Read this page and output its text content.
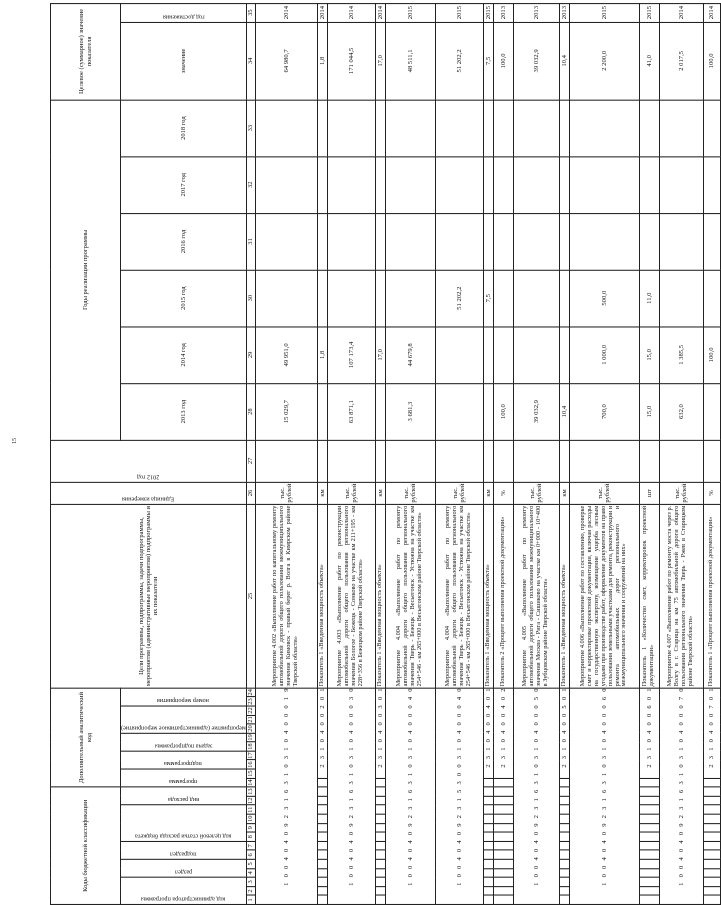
15
Коды бюджетной классификации													Дополнительный аналитический код											Цели программы, подпрограммы, задачи подпрограммы, мероприятия (административные мероприятия) подпрограммы и их показатели	Единица измерения	2012 год	Годы реализации программы						Целевое (суммарное) значение показателя	

код администратора программы			раздел		подраздел		код целевой статьи расхода бюджета				вид расхода		программа		подпрограмма		задача подпрограммы		мероприятие (административное мероприятие)			номер мероприятия					2013 год	2014 год	2015 год	2016 год	2017 год	2018 год	значение	год достижения

1	2	3	4	5	6	7	8	9	10	11	12	13	14	15	16	17	18	19	20	21	22	23	24	25	26	27	28	29	30	31	32	33	34	35
1 0 0 4 0 4 0 9 2 3 1 6 3 1 0 3 1 0 4 0 0 0 1 9																								Мероприятие 4.002 «Выполнение работ по капитальному ремонту автомобильной дороги общего пользования межмуниципального значения Кимовск - правый берег р. Волга в Кимрском районе Тверской области»	тыс. рублей		15 029,7	49 951,0					64 980,7	2014
														2 3 1 0 4 0 0 2 0 1										Показатель 1 «Введенная мощность объекта»	км			1,8					1,8	2014
1 0 0 4 0 4 0 9 2 3 1 6 3 1 0 3 1 0 4 0 0 0 3 0																								Мероприятие 4.003 «Выполнение работ по реконструкции автомобильной дороги общего пользования регионального значения Бологое - Бежецк - Сонково на участке км 211+195 - км 228+356 в Бежецком районе Тверской области»	тыс. рублей		63 871,1	107 173,4					171 044,5	2014
														2 3 1 0 4 0 0 3 0 1										Показатель 1 «Введенная мощность объекта»	км			17,0					17,0	2014
1 0 0 4 0 4 0 9 2 3 1 6 3 1 0 3 1 0 4 0 0 0 4 0																								Мероприятие 4.004 «Выполнение работ по ремонту автомобильной дороги общего пользования регионального значения Тверь - Бежецк - Весьегонск - Устюжна на участке км 254+546 - км 265+000 в Весьегонском районе Тверской области»	тыс. рублей		3 681,3	44 679,8					48 511,1	2015
1 0 0 4 0 4 0 9 2 3 1 5 3 0 0 3 1 0 4 0 0 0 4 0																								Мероприятие 4.004 «Выполнение работ по ремонту автомобильной дороги общего пользования регионального значения Тверь - Бежецк - Весьегонск - Устюжна на участке км 254+546 - км 265+000 в Весьегонском районе Тверской области»	тыс. рублей				51 202,2				51 202,2	2015
														2 3 1 0 4 0 0 4 0 1										Показатель 1 «Введенная мощность объекта»	км				7,5				7,5	2015
														2 3 1 0 4 0 0 4 0 2										Показатель 2 «Процент выполнения проектной документации»	%		100,0						100,0	2013
1 0 0 4 0 4 0 9 2 3 1 6 3 1 0 3 1 0 4 0 0 0 5 0																								Мероприятие 4.005 «Выполнение работ по ремонту автомобильной дороги общего пользования межмуниципального значения Москва - Рига - Сишиково на участке км 0+000 - 10+400 в Зубцовском районе Тверской области»	тыс. рублей		39 032,9						39 032,9	2013
														2 3 1 0 4 0 0 5 0 1										Показатель 1 «Введенная мощность объекта»	км		10,4						10,4	2013
1 0 0 4 0 4 0 9 2 3 1 6 3 1 0 3 1 0 4 0 0 0 6 0																								Мероприятие 4.006 «Выполнение работ по составлению, проверке смет и корректировке проектной документации, включая расходы на государственную экспертизу, возмещение ущерба лесным угодьям при производстве работ, оформление документов на право пользования земельными участками для ремонта, реконструкции и ремонта автомобильных дорог регионального и межмуниципального значения и сооружений на них»	тыс. рублей		700,0	1 000,0	500,0				2 200,0	2015
														2 3 1 0 4 0 0 6 0 1										Показатель 1 «Количество смет, корректировок проектной документации»	шт		15,0	15,0	11,0				41,0	2015
1 0 0 4 0 4 0 9 2 3 1 6 3 1 0 3 1 0 4 0 0 0 7 0																								Мероприятие 4.007 «Выполнение работ по ремонту моста через р. Волгу в г. Старица на км 75 автомобильной дороги общего пользования регионального значения Тверь - Ржев в Старицком районе Тверской области»	тыс. рублей		632,0	1 385,5					2 017,5	2014
														2 3 1 0 4 0 0 7 0 1										Показатель 1 «Процент выполнения проектной документации»	%			100,0					100,0	2014
